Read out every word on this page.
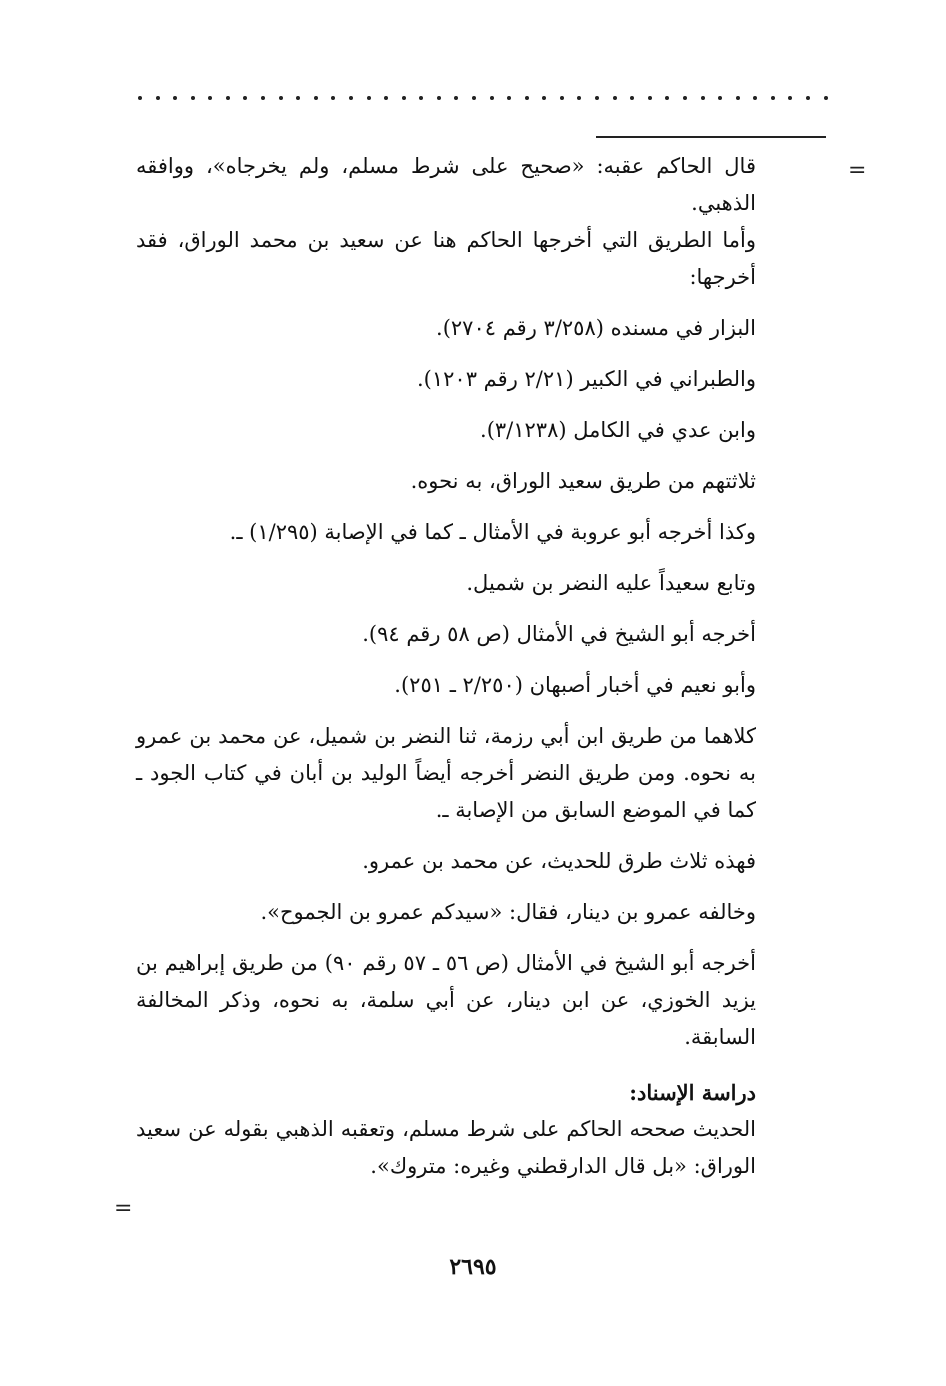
=

قال الحاكم عقبه: «صحيح على شرط مسلم، ولم يخرجاه»، ووافقه الذهبي.

وأما الطريق التي أخرجها الحاكم هنا عن سعيد بن محمد الوراق، فقد أخرجها:

البزار في مسنده (٣/٢٥٨ رقم ٢٧٠٤).

والطبراني في الكبير (٢/٢١ رقم ١٢٠٣).

وابن عدي في الكامل (٣/١٢٣٨).

ثلاثتهم من طريق سعيد الوراق، به نحوه.

وكذا أخرجه أبو عروبة في الأمثال ـ كما في الإصابة (١/٢٩٥) ـ.

وتابع سعيداً عليه النضر بن شميل.

أخرجه أبو الشيخ في الأمثال (ص ٥٨ رقم ٩٤).

وأبو نعيم في أخبار أصبهان (٢/٢٥٠ ـ ٢٥١).

كلاهما من طريق ابن أبي رزمة، ثنا النضر بن شميل، عن محمد بن عمرو به نحوه. ومن طريق النضر أخرجه أيضاً الوليد بن أبان في كتاب الجود ـ كما في الموضع السابق من الإصابة ـ.

فهذه ثلاث طرق للحديث، عن محمد بن عمرو.

وخالفه عمرو بن دينار، فقال: «سيدكم عمرو بن الجموح».

أخرجه أبو الشيخ في الأمثال (ص ٥٦ ـ ٥٧ رقم ٩٠) من طريق إبراهيم بن يزيد الخوزي، عن ابن دينار، عن أبي سلمة، به نحوه، وذكر المخالفة السابقة.

دراسة الإسناد:

الحديث صححه الحاكم على شرط مسلم، وتعقبه الذهبي بقوله عن سعيد الوراق: «بل قال الدارقطني وغيره: متروك».

=
٢٦٩٥
